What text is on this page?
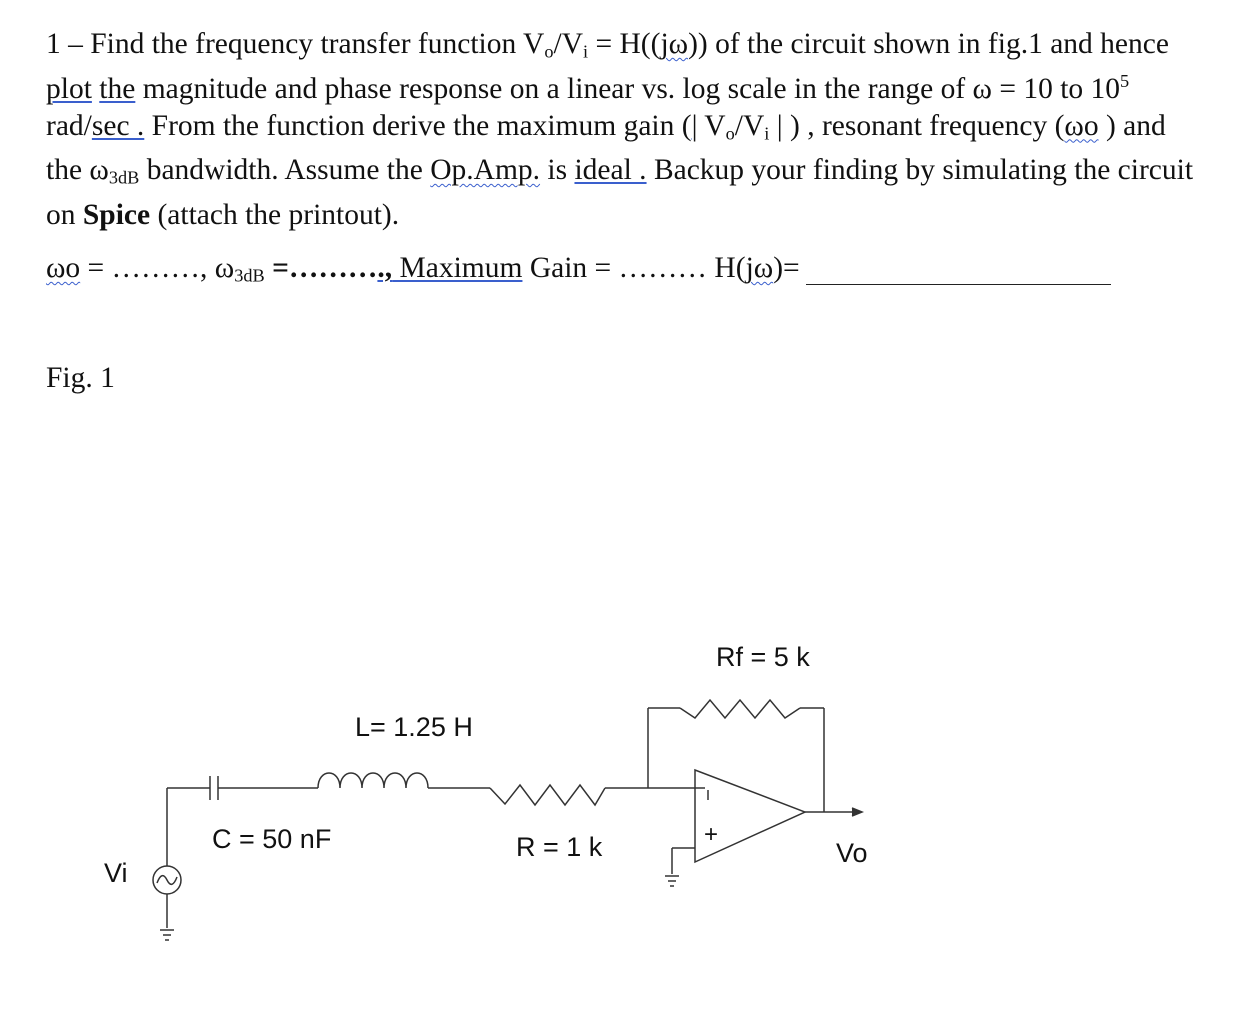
1 – Find the frequency transfer function $V_o/V_i = H((j\omega))$ of the circuit shown in fig.1 and hence plot the magnitude and phase response on a linear vs. log scale in the range of ω = 10 to $10^5$ rad/sec . From the function derive the maximum gain (| $V_o/V_i$ | ) , resonant frequency (ωo ) and the $\omega_{3dB}$ bandwidth. Assume the Op.Amp. is ideal . Backup your finding by simulating the circuit on Spice (attach the printout).

ωo = ………, $\omega_{3dB}$ =………., Maximum Gain = ……… H(jω)=
Fig. 1
+
Rf = 5 k
L= 1.25 H
C = 50 nF	R = 1 k
Vi
Vo
